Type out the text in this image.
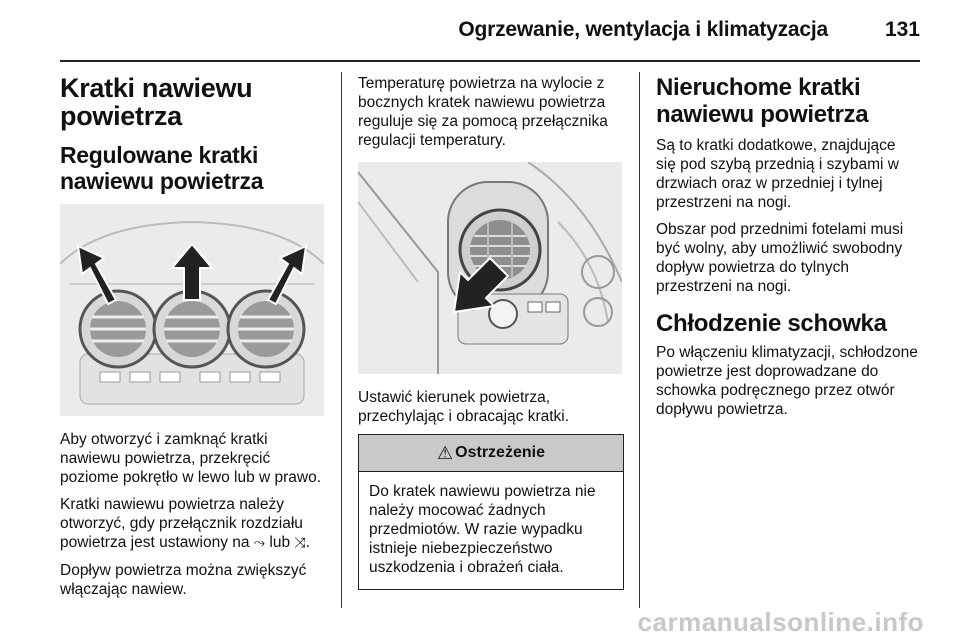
Ogrzewanie, wentylacja i klimatyzacja	131
Kratki nawiewu powietrza
Regulowane kratki nawiewu powietrza

Aby otworzyć i zamknąć kratki nawiewu powietrza, przekręcić poziome pokrętło w lewo lub w prawo.

Kratki nawiewu powietrza należy otworzyć, gdy przełącznik rozdziału powietrza jest ustawiony na ⤳ lub ⤨.

Dopływ powietrza można zwiększyć włączając nawiew.

Temperaturę powietrza na wylocie z bocznych kratek nawiewu powietrza reguluje się za pomocą przełącznika regulacji temperatury.

Ustawić kierunek powietrza, przechylając i obracając kratki.

⚠ Ostrzeżenie

Do kratek nawiewu powietrza nie należy mocować żadnych przedmiotów. W razie wypadku istnieje niebezpieczeństwo uszkodzenia i obrażeń ciała.

Nieruchome kratki nawiewu powietrza

Są to kratki dodatkowe, znajdujące się pod szybą przednią i szybami w drzwiach oraz w przedniej i tylnej przestrzeni na nogi.

Obszar pod przednimi fotelami musi być wolny, aby umożliwić swobodny dopływ powietrza do tylnych przestrzeni na nogi.

Chłodzenie schowka

Po włączeniu klimatyzacji, schłodzone powietrze jest doprowadzane do schowka podręcznego przez otwór dopływu powietrza.

carmanualsonline.info
